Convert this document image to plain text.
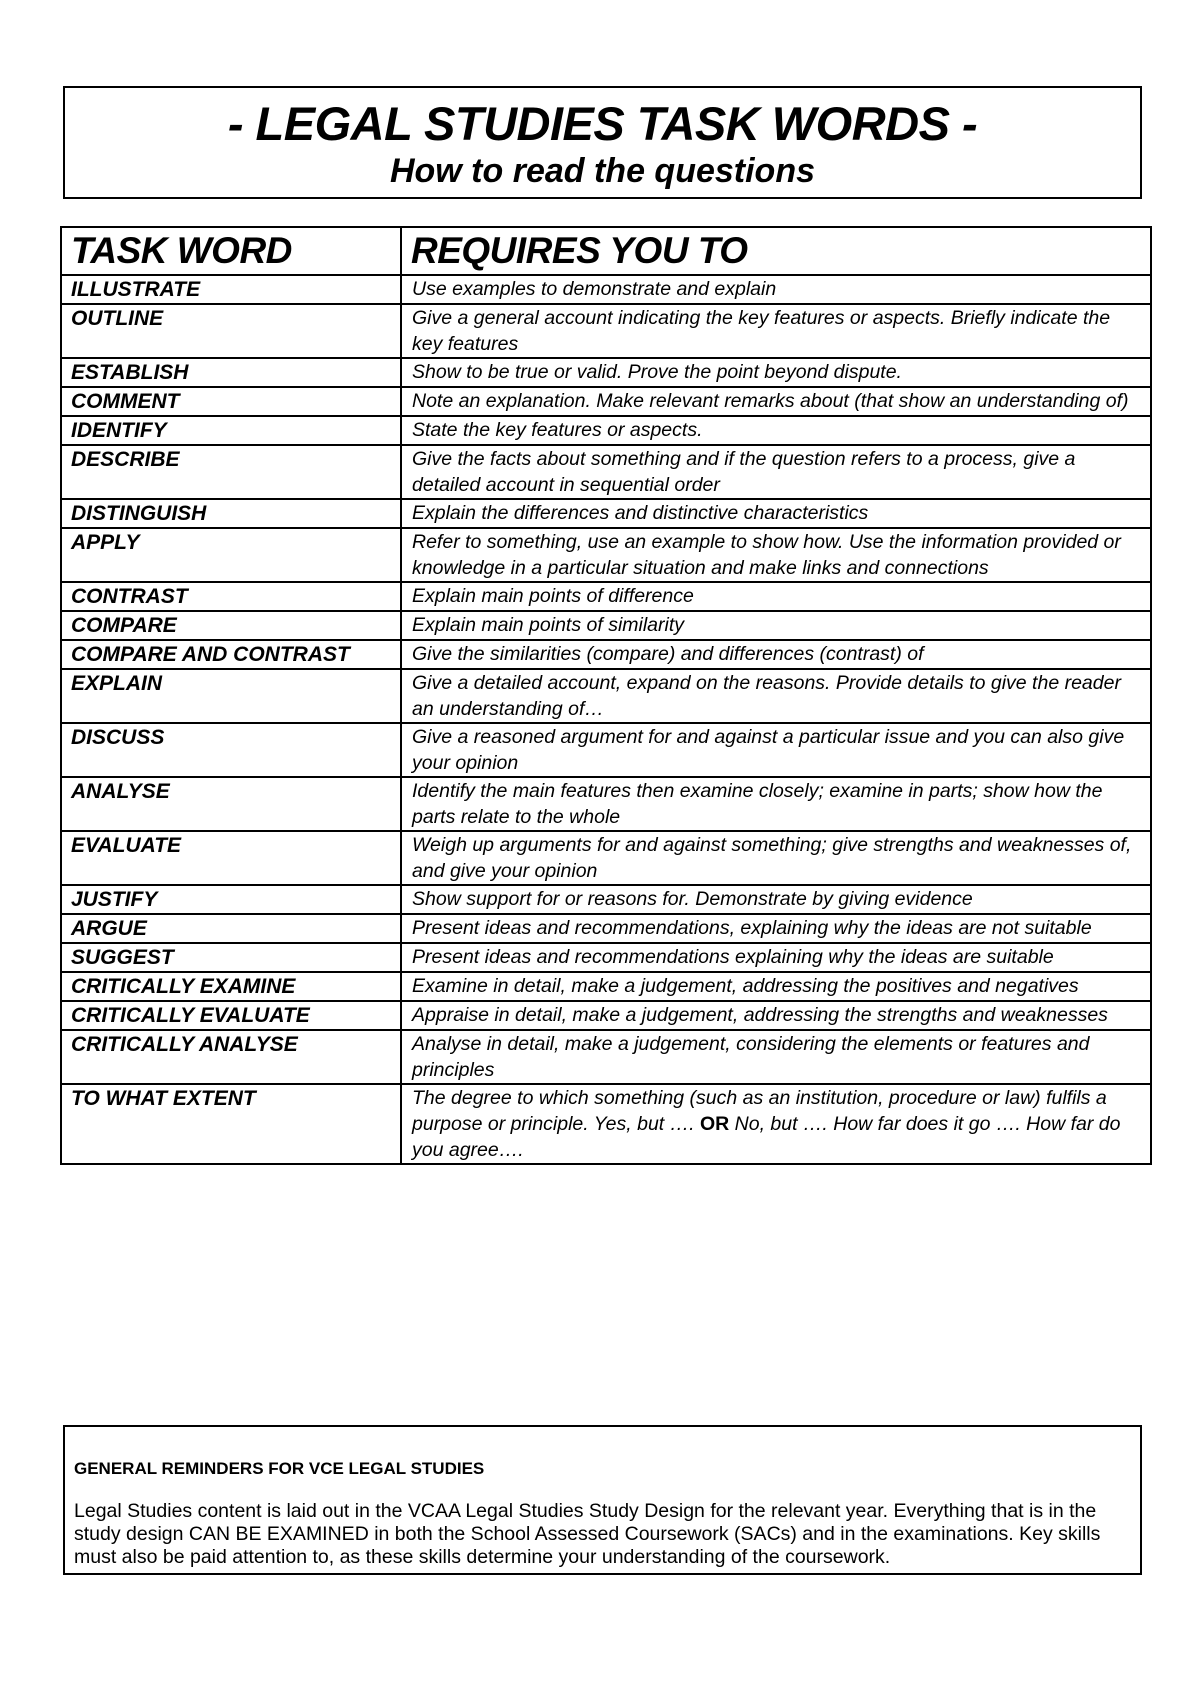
- LEGAL STUDIES TASK WORDS -
How to read the questions
TASK WORD	REQUIRES YOU TO
ILLUSTRATE	Use examples to demonstrate and explain
OUTLINE	Give a general account indicating the key features or aspects. Briefly indicate the key features
ESTABLISH	Show to be true or valid. Prove the point beyond dispute.
COMMENT	Note an explanation. Make relevant remarks about (that show an understanding of)
IDENTIFY	State the key features or aspects.
DESCRIBE	Give the facts about something and if the question refers to a process, give a detailed account in sequential order
DISTINGUISH	Explain the differences and distinctive characteristics
APPLY	Refer to something, use an example to show how. Use the information provided or knowledge in a particular situation and make links and connections
CONTRAST	Explain main points of difference
COMPARE	Explain main points of similarity
COMPARE AND CONTRAST	Give the similarities (compare) and differences (contrast) of
EXPLAIN	Give a detailed account, expand on the reasons. Provide details to give the reader an understanding of…
DISCUSS	Give a reasoned argument for and against a particular issue and you can also give your opinion
ANALYSE	Identify the main features then examine closely; examine in parts; show how the parts relate to the whole
EVALUATE	Weigh up arguments for and against something; give strengths and weaknesses of, and give your opinion
JUSTIFY	Show support for or reasons for. Demonstrate by giving evidence
ARGUE	Present ideas and recommendations, explaining why the ideas are not suitable
SUGGEST	Present ideas and recommendations explaining why the ideas are suitable
CRITICALLY EXAMINE	Examine in detail, make a judgement, addressing the positives and negatives
CRITICALLY EVALUATE	Appraise in detail, make a judgement, addressing the strengths and weaknesses
CRITICALLY ANALYSE	Analyse in detail, make a judgement, considering the elements or features and principles
TO WHAT EXTENT	The degree to which something (such as an institution, procedure or law) fulfils a purpose or principle. Yes, but …. OR No, but …. How far does it go …. How far do you agree….
GENERAL REMINDERS FOR VCE LEGAL STUDIES
Legal Studies content is laid out in the VCAA Legal Studies Study Design for the relevant year. Everything that is in the study design CAN BE EXAMINED in both the School Assessed Coursework (SACs) and in the examinations. Key skills must also be paid attention to, as these skills determine your understanding of the coursework.
